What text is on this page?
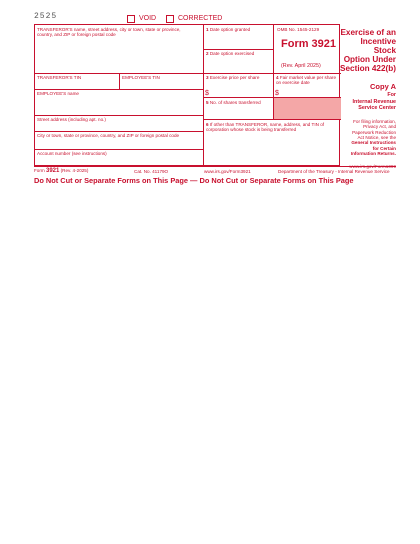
2525	VOID	CORRECTED
TRANSFEROR'S name, street address, city or town, state or province, country, and ZIP or foreign postal code
1 Date option granted
2 Date option exercised
OMB No. 1545-2129
Form 3921
(Rev. April 2025)
TRANSFEROR'S TIN	EMPLOYEE'S TIN	3 Exercise price per share
$
4 Fair market value per share on exercise date
$
EMPLOYEE'S name
5 No. of shares transferred
Street address (including apt. no.)
6 If other than TRANSFEROR, name, address, and TIN of corporation whose stock is being transferred
City or town, state or province, country, and ZIP or foreign postal code
Account number (see instructions)
Exercise of an
Incentive Stock
Option Under
Section 422(b)
Copy A
For
Internal Revenue
Service Center
For filing information,
Privacy Act, and
Paperwork Reduction
Act Notice, see the
General Instructions
for Certain
Information Returns.
Form 3921 (Rev. 4-2025)	Cat. No. 41179O	www.irs.gov/Form3921	Department of the Treasury - Internal Revenue Service
Do Not Cut or Separate Forms on This Page — Do Not Cut or Separate Forms on This Page
